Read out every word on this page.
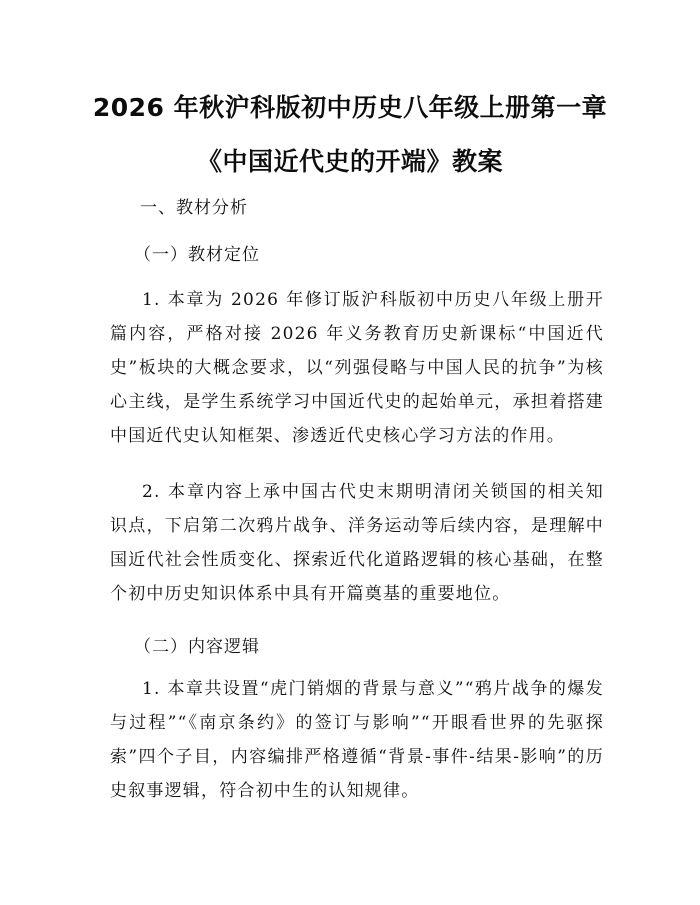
2026 年秋沪科版初中历史八年级上册第一章
《中国近代史的开端》教案
一、教材分析
（一）教材定位

1. 本章为 2026 年修订版沪科版初中历史八年级上册开篇内容，严格对接 2026 年义务教育历史新课标“中国近代史”板块的大概念要求，以“列强侵略与中国人民的抗争”为核心主线，是学生系统学习中国近代史的起始单元，承担着搭建中国近代史认知框架、渗透近代史核心学习方法的作用。

2. 本章内容上承中国古代史末期明清闭关锁国的相关知识点，下启第二次鸦片战争、洋务运动等后续内容，是理解中国近代社会性质变化、探索近代化道路逻辑的核心基础，在整个初中历史知识体系中具有开篇奠基的重要地位。

（二）内容逻辑

1. 本章共设置“虎门销烟的背景与意义”“鸦片战争的爆发与过程”“《南京条约》的签订与影响”“开眼看世界的先驱探索”四个子目，内容编排严格遵循“背景-事件-结果-影响”的历史叙事逻辑，符合初中生的认知规律。
